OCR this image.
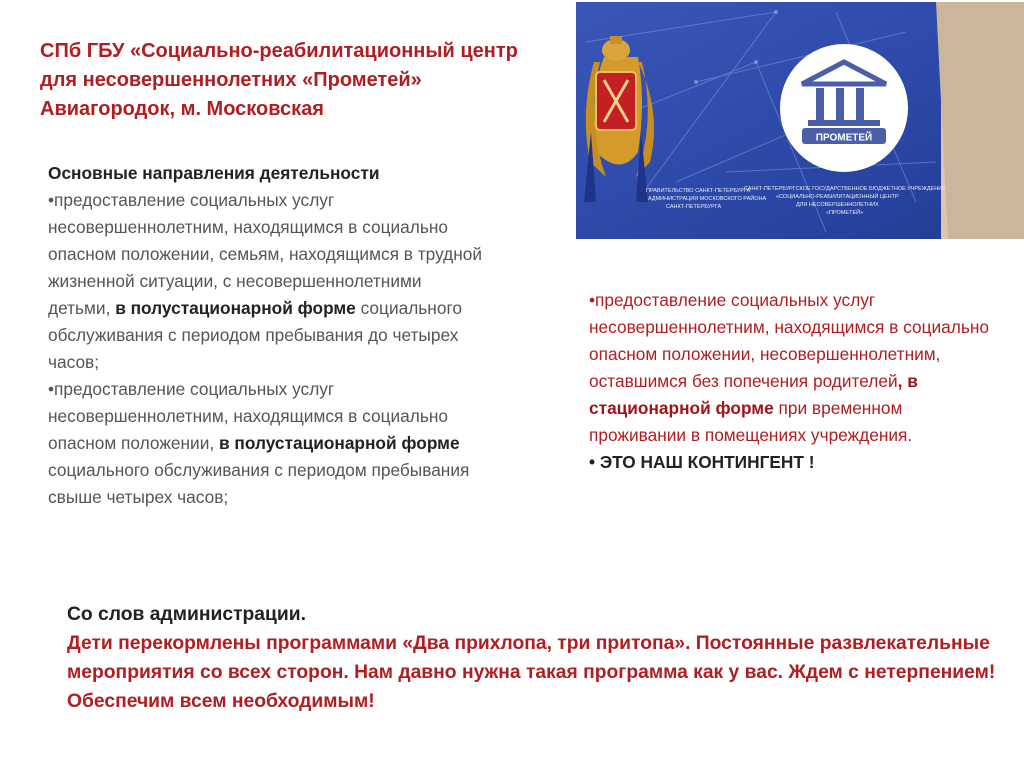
СПб ГБУ «Социально-реабилитационный центр
для несовершеннолетних «Прометей»
Авиагородок, м. Московская
ПРОМЕТЕЙ
ПРАВИТЕЛЬСТВО САНКТ-ПЕТЕРБУРГА
АДМИНИСТРАЦИЯ МОСКОВСКОГО РАЙОНА
САНКТ-ПЕТЕРБУРГА
САНКТ-ПЕТЕРБУРГСКОЕ ГОСУДАРСТВЕННОЕ БЮДЖЕТНОЕ УЧРЕЖДЕНИЕ
«СОЦИАЛЬНО-РЕАБИЛИТАЦИОННЫЙ ЦЕНТР
ДЛЯ НЕСОВЕРШЕННОЛЕТНИХ
«ПРОМЕТЕЙ»
Основные направления деятельности
•предоставление социальных услуг несовершеннолетним, находящимся в социально опасном положении, семьям, находящимся в трудной жизненной ситуации, с несовершеннолетними детьми, в полустационарной форме социального обслуживания с периодом пребывания до четырех часов;
•предоставление социальных услуг несовершеннолетним, находящимся в социально опасном положении, в полустационарной форме социального обслуживания с периодом пребывания свыше четырех часов;
•предоставление социальных услуг несовершеннолетним, находящимся в социально опасном положении, несовершеннолетним, оставшимся без попечения родителей, в стационарной форме при временном проживании в помещениях учреждения.
• ЭТО НАШ КОНТИНГЕНТ !
Со слов администрации.
Дети перекормлены программами «Два прихлопа, три притопа». Постоянные развлекательные мероприятия со всех сторон. Нам давно нужна такая программа как у вас. Ждем с нетерпением! Обеспечим всем необходимым!
